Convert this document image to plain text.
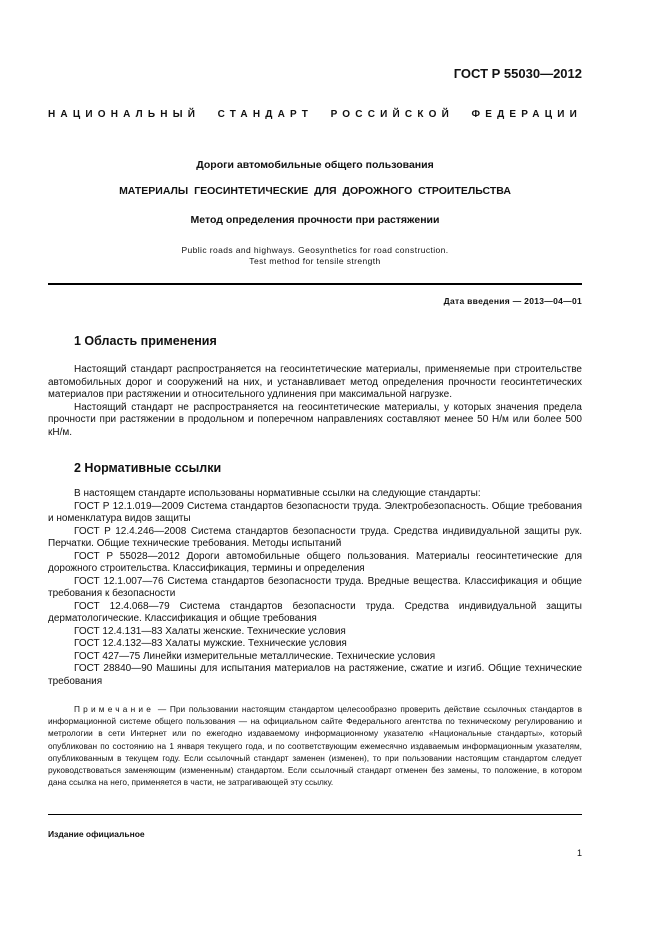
ГОСТ Р 55030—2012
НАЦИОНАЛЬНЫЙ СТАНДАРТ РОССИЙСКОЙ ФЕДЕРАЦИИ
Дороги автомобильные общего пользования
МАТЕРИАЛЫ ГЕОСИНТЕТИЧЕСКИЕ ДЛЯ ДОРОЖНОГО СТРОИТЕЛЬСТВА
Метод определения прочности при растяжении
Public roads and highways. Geosynthetics for road construction.
Test method for tensile strength
Дата введения — 2013—04—01
1 Область применения

Настоящий стандарт распространяется на геосинтетические материалы, применяемые при строительстве автомобильных дорог и сооружений на них, и устанавливает метод определения прочности геосинтетических материалов при растяжении и относительного удлинения при максимальной нагрузке.

Настоящий стандарт не распространяется на геосинтетические материалы, у которых значения предела прочности при растяжении в продольном и поперечном направлениях составляют менее 50 Н/м или более 500 кН/м.

2 Нормативные ссылки

В настоящем стандарте использованы нормативные ссылки на следующие стандарты:

ГОСТ Р 12.1.019—2009 Система стандартов безопасности труда. Электробезопасность. Общие требования и номенклатура видов защиты

ГОСТ Р 12.4.246—2008 Система стандартов безопасности труда. Средства индивидуальной защиты рук. Перчатки. Общие технические требования. Методы испытаний

ГОСТ Р 55028—2012 Дороги автомобильные общего пользования. Материалы геосинтетические для дорожного строительства. Классификация, термины и определения

ГОСТ 12.1.007—76 Система стандартов безопасности труда. Вредные вещества. Классификация и общие требования к безопасности

ГОСТ 12.4.068—79 Система стандартов безопасности труда. Средства индивидуальной защиты дерматологические. Классификация и общие требования

ГОСТ 12.4.131—83 Халаты женские. Технические условия

ГОСТ 12.4.132—83 Халаты мужские. Технические условия

ГОСТ 427—75 Линейки измерительные металлические. Технические условия

ГОСТ 28840—90 Машины для испытания материалов на растяжение, сжатие и изгиб. Общие технические требования

Примечание — При пользовании настоящим стандартом целесообразно проверить действие ссылочных стандартов в информационной системе общего пользования — на официальном сайте Федерального агентства по техническому регулированию и метрологии в сети Интернет или по ежегодно издаваемому информационному указателю «Национальные стандарты», который опубликован по состоянию на 1 января текущего года, и по соответствующим ежемесячно издаваемым информационным указателям, опубликованным в текущем году. Если ссылочный стандарт заменен (изменен), то при пользовании настоящим стандартом следует руководствоваться заменяющим (измененным) стандартом. Если ссылочный стандарт отменен без замены, то положение, в котором дана ссылка на него, применяется в части, не затрагивающей эту ссылку.

Издание официальное
1
